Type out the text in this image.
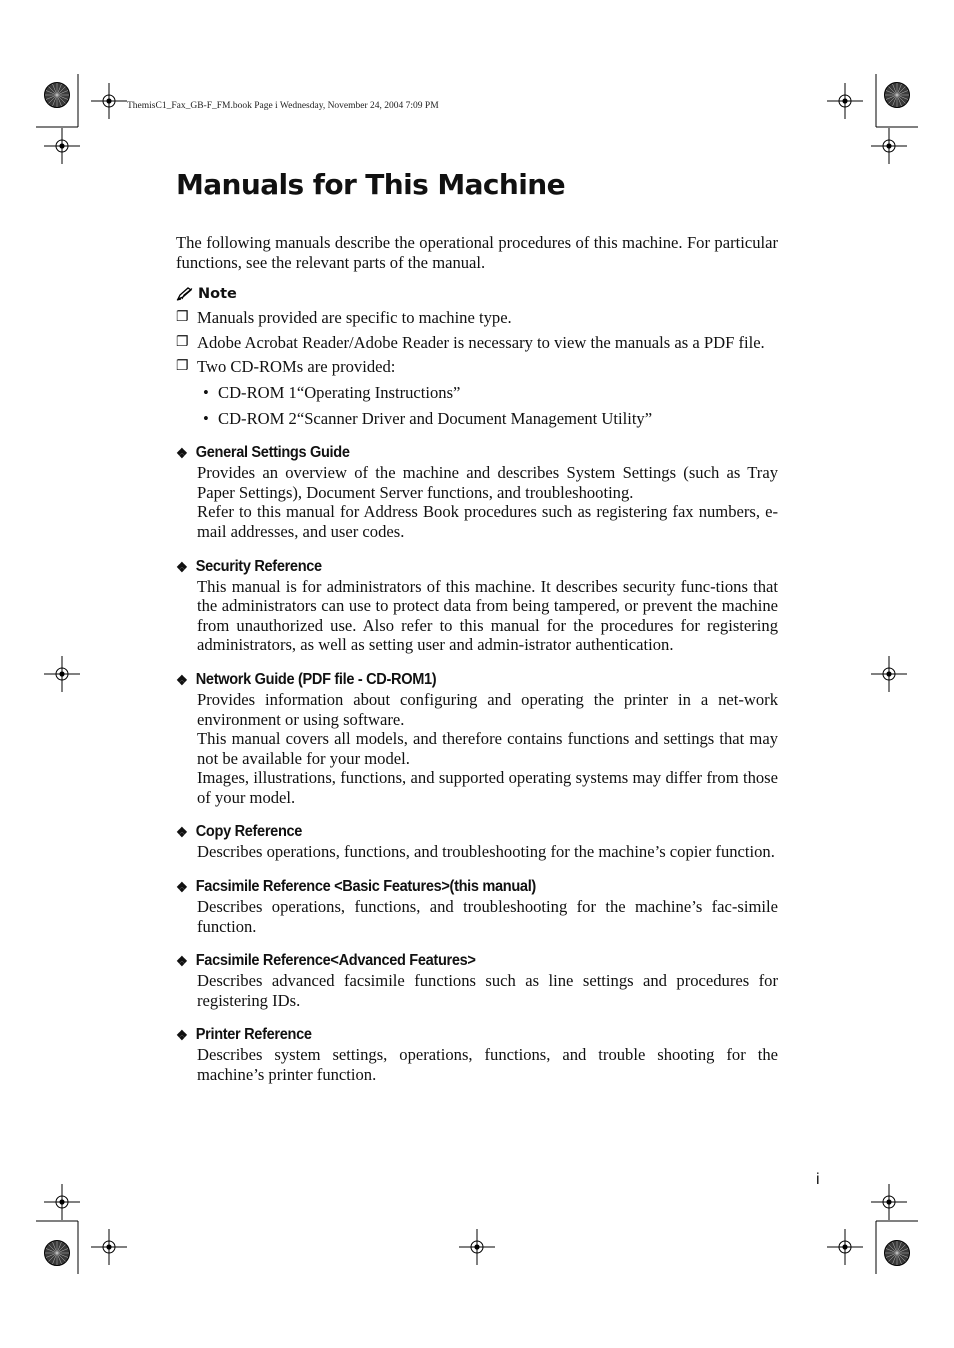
ThemisC1_Fax_GB-F_FM.book Page i Wednesday, November 24, 2004 7:09 PM
Manuals for This Machine

The following manuals describe the operational procedures of this machine. For particular functions, see the relevant parts of the manual.

Note
❐ Manuals provided are specific to machine type.
❐ Adobe Acrobat Reader/Adobe Reader is necessary to view the manuals as a PDF file.
❐ Two CD-ROMs are provided:
• CD-ROM 1“Operating Instructions”
• CD-ROM 2“Scanner Driver and Document Management Utility”
❖ General Settings Guide

Provides an overview of the machine and describes System Settings (such as Tray Paper Settings), Document Server functions, and troubleshooting.

Refer to this manual for Address Book procedures such as registering fax numbers, e-mail addresses, and user codes.

❖ Security Reference

This manual is for administrators of this machine. It describes security func-tions that the administrators can use to protect data from being tampered, or prevent the machine from unauthorized use. Also refer to this manual for the procedures for registering administrators, as well as setting user and admin-istrator authentication.

❖ Network Guide (PDF file - CD-ROM1)

Provides information about configuring and operating the printer in a net-work environment or using software.

This manual covers all models, and therefore contains functions and settings that may not be available for your model.

Images, illustrations, functions, and supported operating systems may differ from those of your model.

❖ Copy Reference

Describes operations, functions, and troubleshooting for the machine’s copier function.

❖ Facsimile Reference <Basic Features>(this manual)

Describes operations, functions, and troubleshooting for the machine’s fac-simile function.

❖ Facsimile Reference<Advanced Features>

Describes advanced facsimile functions such as line settings and procedures for registering IDs.

❖ Printer Reference

Describes system settings, operations, functions, and trouble shooting for the machine’s printer function.

i
